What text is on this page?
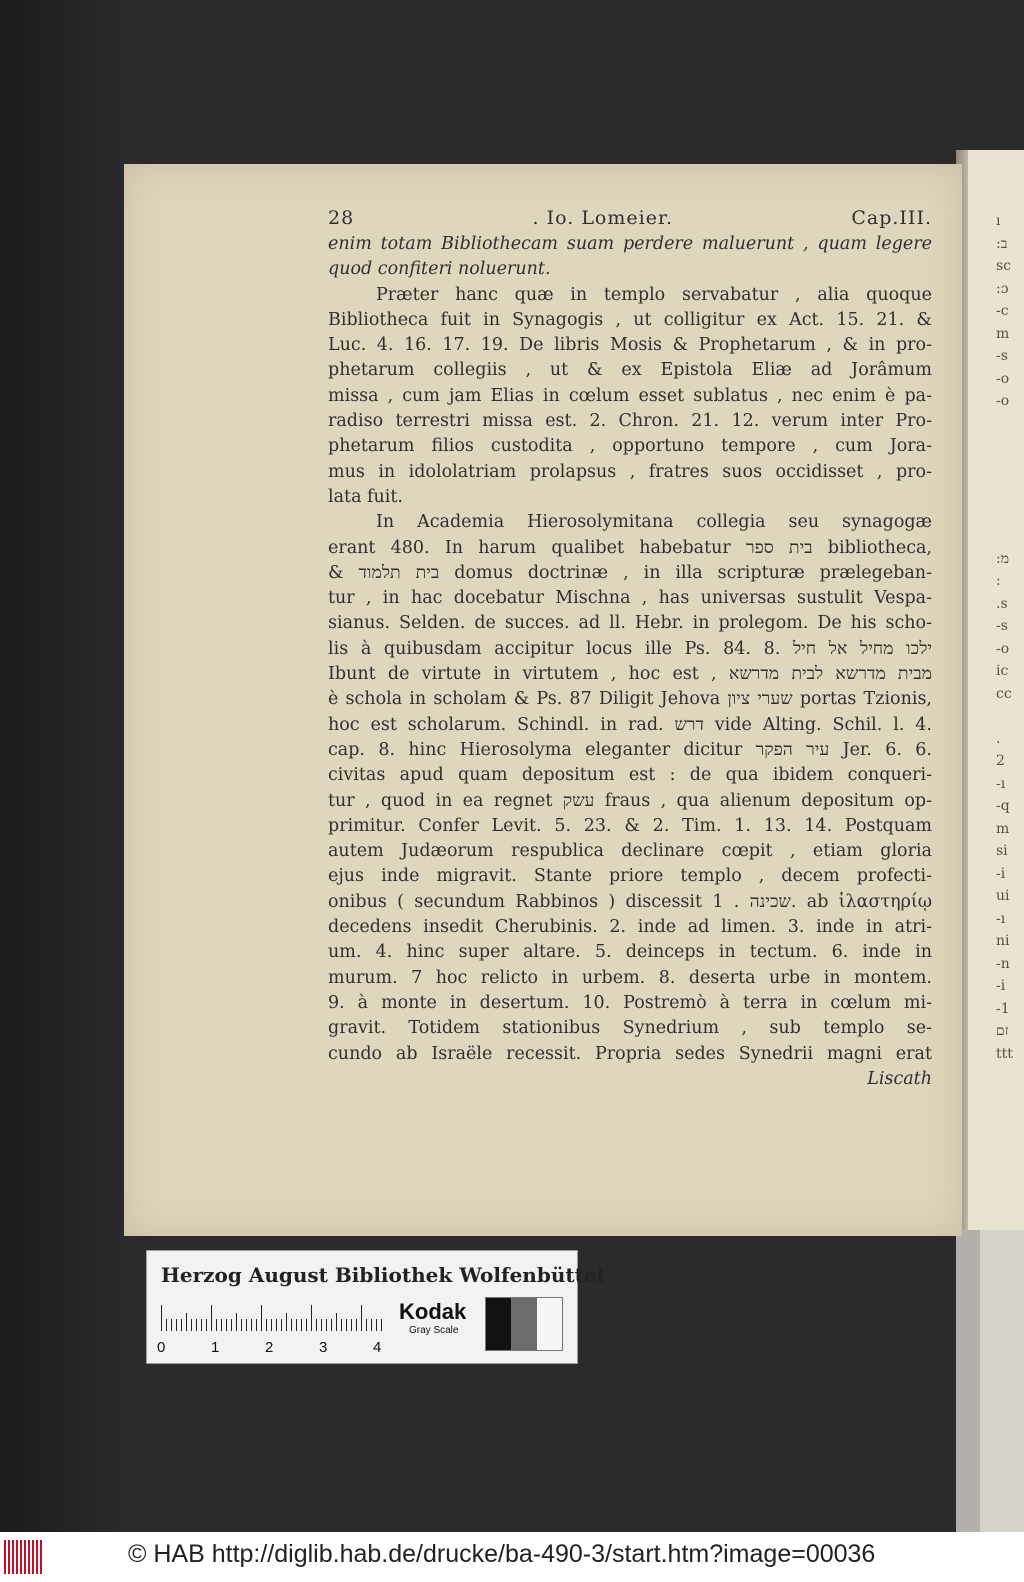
ı
:ב
sc
:ɔ
-c
m
-s
-o
-o
:מ
:
.s
-s
-o
ic
cc
.
2
-ı
-q
m
si
-i
ui
-ı
ni
-n
-i
-1
זם
ttt
28	. Io. Lomeier.	Cap.III.
enim totam Bibliothecam suam perdere maluerunt , quam legere
quod confiteri noluerunt.
Præter hanc quæ in templo servabatur , alia quoque
Bibliotheca fuit in Synagogis , ut colligitur ex Act. 15. 21. &
Luc. 4. 16. 17. 19. De libris Mosis & Prophetarum , & in pro-
phetarum collegiis , ut & ex Epistola Eliæ ad Jorâmum
missa , cum jam Elias in cœlum esset sublatus , nec enim è pa-
radiso terrestri missa est. 2. Chron. 21. 12. verum inter Pro-
phetarum filios custodita , opportuno tempore , cum Jora-
mus in idololatriam prolapsus , fratres suos occidisset , pro-
lata fuit.
In Academia Hierosolymitana collegia seu synagogæ
erant 480. In harum qualibet habebatur בית ספר bibliotheca,
& בית תלמוד domus doctrinæ , in illa scripturæ prælegeban-
tur , in hac docebatur Mischna , has universas sustulit Vespa-
sianus. Selden. de succes. ad ll. Hebr. in prolegom. De his scho-
lis à quibusdam accipitur locus ille Ps. 84. 8. ילכו מחיל אל חיל
Ibunt de virtute in virtutem , hoc est , מבית מדרשא לבית מדרשא
è schola in scholam & Ps. 87 Diligit Jehova שערי ציון portas Tzionis,
hoc est scholarum. Schindl. in rad. דרש vide Alting. Schil. l. 4.
cap. 8. hinc Hierosolyma eleganter dicitur עיר הפקר Jer. 6. 6.
civitas apud quam depositum est : de qua ibidem conqueri-
tur , quod in ea regnet עשק fraus , qua alienum depositum op-
primitur. Confer Levit. 5. 23. & 2. Tim. 1. 13. 14. Postquam
autem Judæorum respublica declinare cœpit , etiam gloria
ejus inde migravit. Stante priore templo , decem profecti-
onibus ( secundum Rabbinos ) discessit שכינה . 1. ab ἱλαστηρίῳ
decedens insedit Cherubinis. 2. inde ad limen. 3. inde in atri-
um. 4. hinc super altare. 5. deinceps in tectum. 6. inde in
murum. 7 hoc relicto in urbem. 8. deserta urbe in montem.
9. à monte in desertum. 10. Postremò à terra in cœlum mi-
gravit. Totidem stationibus Synedrium , sub templo se-
cundo ab Israële recessit. Propria sedes Synedrii magni erat
Liscath
Herzog August Bibliothek Wolfenbüttel
0	1	2	3	4
Kodak
Gray Scale
© HAB http://diglib.hab.de/drucke/ba-490-3/start.htm?image=00036
